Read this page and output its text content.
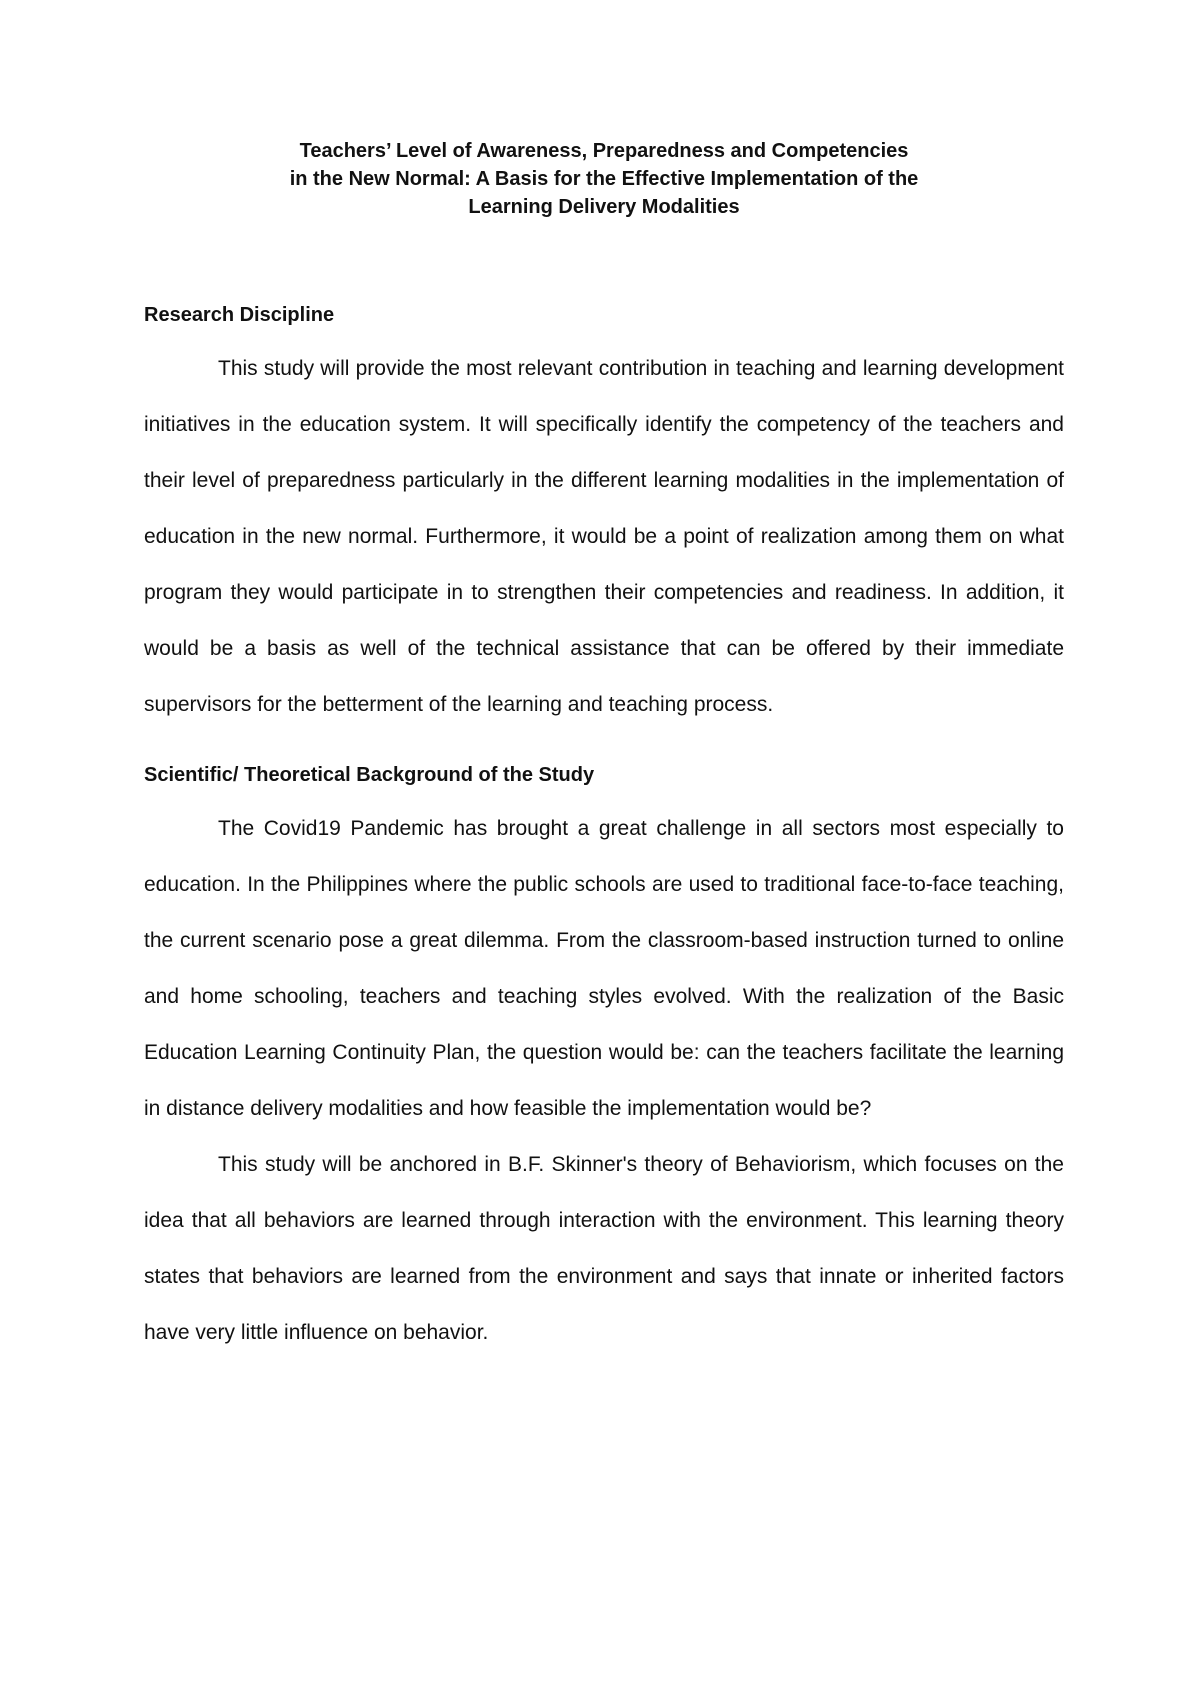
Teachers’ Level of Awareness, Preparedness and Competencies
in the New Normal: A Basis for the Effective Implementation of the
Learning Delivery Modalities
Research Discipline

This study will provide the most relevant contribution in teaching and learning development initiatives in the education system. It will specifically identify the competency of the teachers and their level of preparedness particularly in the different learning modalities in the implementation of education in the new normal. Furthermore, it would be a point of realization among them on what program they would participate in to strengthen their competencies and readiness. In addition, it would be a basis as well of the technical assistance that can be offered by their immediate supervisors for the betterment of the learning and teaching process.

Scientific/ Theoretical Background of the Study

The Covid19 Pandemic has brought a great challenge in all sectors most especially to education. In the Philippines where the public schools are used to traditional face-to-face teaching, the current scenario pose a great dilemma. From the classroom-based instruction turned to online and home schooling, teachers and teaching styles evolved. With the realization of the Basic Education Learning Continuity Plan, the question would be: can the teachers facilitate the learning in distance delivery modalities and how feasible the implementation would be?

This study will be anchored in B.F. Skinner's theory of Behaviorism, which focuses on the idea that all behaviors are learned through interaction with the environment. This learning theory states that behaviors are learned from the environment and says that innate or inherited factors have very little influence on behavior.
